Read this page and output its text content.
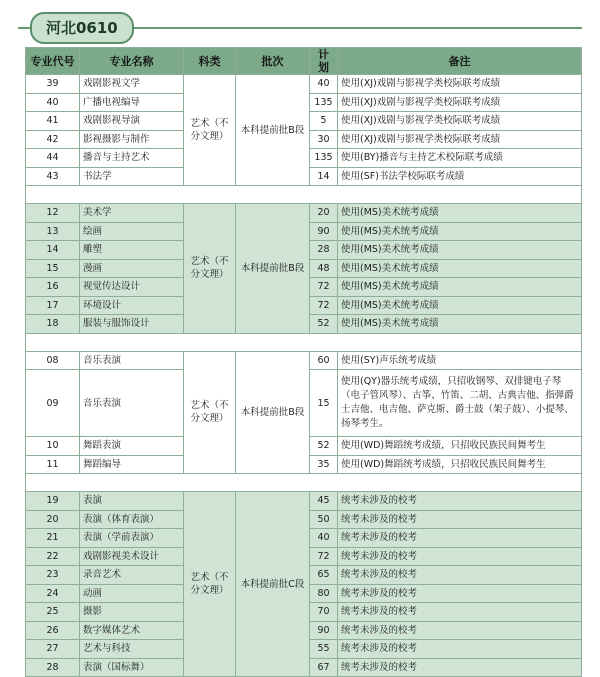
河北0610
专业代号	专业名称	科类	批次	计划	备注
39	戏剧影视文学	艺术（不分文理）	本科提前批B段	40	使用(XJ)戏剧与影视学类校际联考成绩
40	广播电视编导			135	使用(XJ)戏剧与影视学类校际联考成绩
41	戏剧影视导演			5	使用(XJ)戏剧与影视学类校际联考成绩
42	影视摄影与制作			30	使用(XJ)戏剧与影视学类校际联考成绩
44	播音与主持艺术			135	使用(BY)播音与主持艺术校际联考成绩
43	书法学			14	使用(SF)书法学校际联考成绩

12	美术学	艺术（不分文理）	本科提前批B段	20	使用(MS)美术统考成绩
13	绘画			90	使用(MS)美术统考成绩
14	雕塑			28	使用(MS)美术统考成绩
15	漫画			48	使用(MS)美术统考成绩
16	视觉传达设计			72	使用(MS)美术统考成绩
17	环境设计			72	使用(MS)美术统考成绩
18	服装与服饰设计			52	使用(MS)美术统考成绩

08	音乐表演	艺术（不分文理）	本科提前批B段	60	使用(SY)声乐统考成绩
09	音乐表演			15	使用(QY)器乐统考成绩，只招收钢琴、双排键电子琴（电子管风琴）、古筝、竹笛、二胡、古典吉他、指弹爵士吉他、电吉他、萨克斯、爵士鼓（架子鼓）、小提琴、扬琴考生。
10	舞蹈表演			52	使用(WD)舞蹈统考成绩，只招收民族民间舞考生
11	舞蹈编导			35	使用(WD)舞蹈统考成绩，只招收民族民间舞考生

19	表演	艺术（不分文理）	本科提前批C段	45	统考未涉及的校考
20	表演（体育表演）			50	统考未涉及的校考
21	表演（学前表演）			40	统考未涉及的校考
22	戏剧影视美术设计			72	统考未涉及的校考
23	录音艺术			65	统考未涉及的校考
24	动画			80	统考未涉及的校考
25	摄影			70	统考未涉及的校考
26	数字媒体艺术			90	统考未涉及的校考
27	艺术与科技			55	统考未涉及的校考
28	表演（国标舞）			67	统考未涉及的校考
